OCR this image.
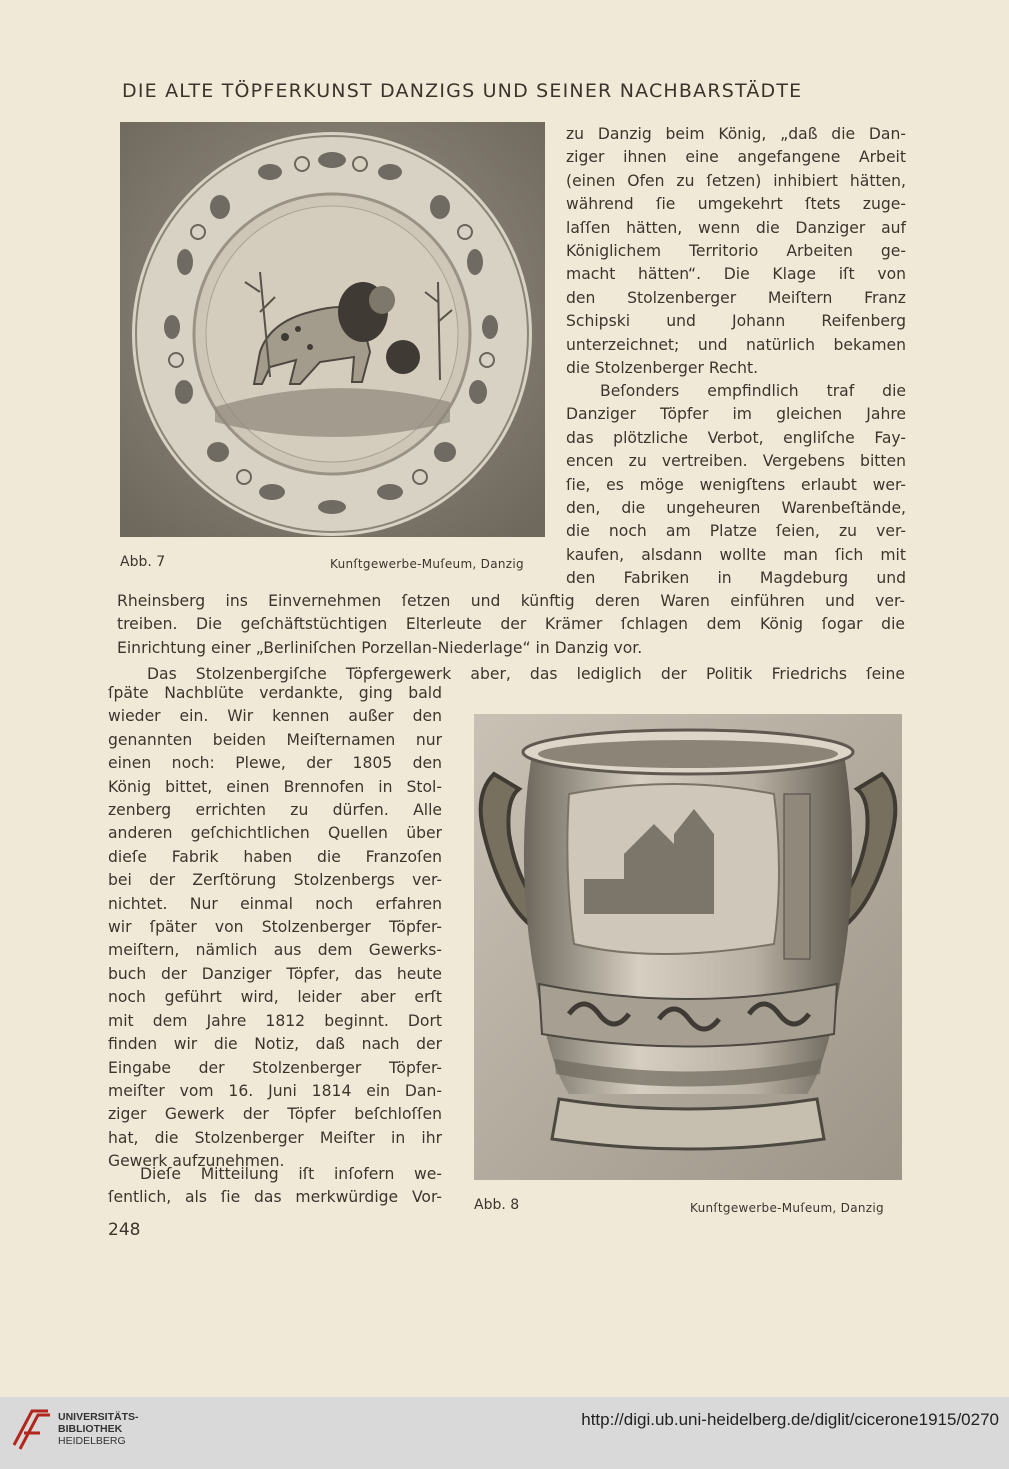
DIE ALTE TÖPFERKUNST DANZIGS UND SEINER NACHBARSTÄDTE
Abb. 7	Kunſtgewerbe-Muſeum, Danzig
zu Danzig beim König, „daß die Dan-
ziger ihnen eine angefangene Arbeit
(einen Ofen zu ſetzen) inhibiert hätten,
während ſie umgekehrt ſtets zuge-
laſſen hätten, wenn die Danziger auf
Königlichem Territorio Arbeiten ge-
macht hätten“. Die Klage iſt von
den Stolzenberger Meiſtern Franz
Schipski und Johann Reifenberg
unterzeichnet; und natürlich bekamen
die Stolzenberger Recht.
Beſonders empfindlich traf die
Danziger Töpfer im gleichen Jahre
das plötzliche Verbot, engliſche Fay-
encen zu vertreiben. Vergebens bitten
ſie, es möge wenigſtens erlaubt wer-
den, die ungeheuren Warenbeſtände,
die noch am Platze ſeien, zu ver-
kaufen, alsdann wollte man ſich mit
den Fabriken in Magdeburg und
Rheinsberg ins Einvernehmen ſetzen und künftig deren Waren einführen und ver-
treiben. Die geſchäftstüchtigen Elterleute der Krämer ſchlagen dem König ſogar die
Einrichtung einer „Berliniſchen Porzellan-Niederlage“ in Danzig vor.
Das Stolzenbergiſche Töpfergewerk aber, das lediglich der Politik Friedrichs ſeine
ſpäte Nachblüte verdankte, ging bald
wieder ein. Wir kennen außer den
genannten beiden Meiſternamen nur
einen noch: Plewe, der 1805 den
König bittet, einen Brennofen in Stol-
zenberg errichten zu dürfen. Alle
anderen geſchichtlichen Quellen über
dieſe Fabrik haben die Franzoſen
bei der Zerſtörung Stolzenbergs ver-
nichtet. Nur einmal noch erfahren
wir ſpäter von Stolzenberger Töpfer-
meiſtern, nämlich aus dem Gewerks-
buch der Danziger Töpfer, das heute
noch geführt wird, leider aber erſt
mit dem Jahre 1812 beginnt. Dort
finden wir die Notiz, daß nach der
Eingabe der Stolzenberger Töpfer-
meiſter vom 16. Juni 1814 ein Dan-
ziger Gewerk der Töpfer beſchloſſen
hat, die Stolzenberger Meiſter in ihr
Gewerk aufzunehmen.
Dieſe Mitteilung iſt inſofern we-
ſentlich, als ſie das merkwürdige Vor- Abb. 8	Kunſtgewerbe-Muſeum, Danzig
248
UNIVERSITÄTS-
BIBLIOTHEK
HEIDELBERG
http://digi.ub.uni-heidelberg.de/diglit/cicerone1915/0270
